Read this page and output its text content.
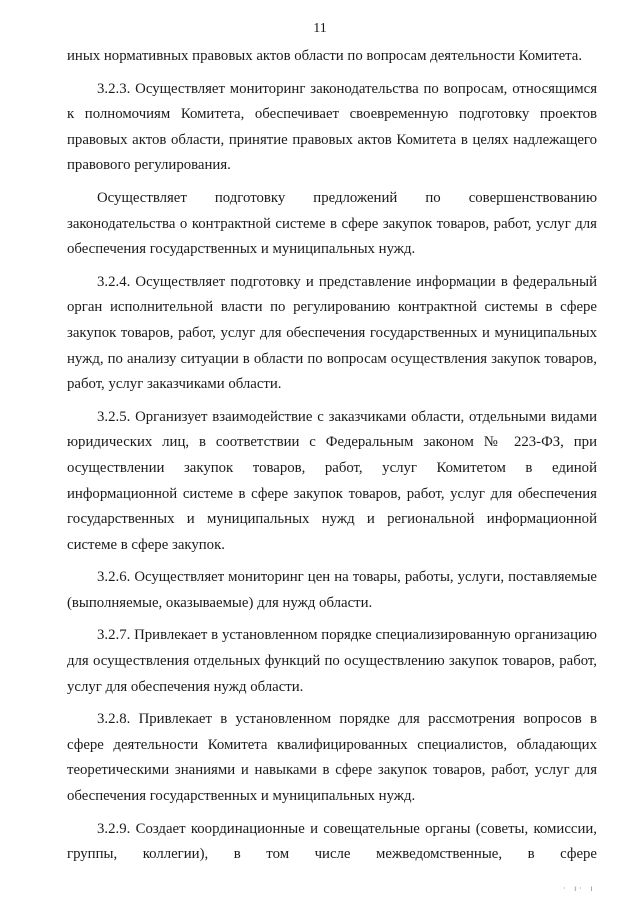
11

иных нормативных правовых актов области по вопросам деятельности Комитета.

3.2.3. Осуществляет мониторинг законодательства по вопросам, относящимся к полномочиям Комитета, обеспечивает своевременную подготовку проектов правовых актов области, принятие правовых актов Комитета в целях надлежащего правового регулирования.

Осуществляет подготовку предложений по совершенствованию законодательства о контрактной системе в сфере закупок товаров, работ, услуг для обеспечения государственных и муниципальных нужд.

3.2.4. Осуществляет подготовку и представление информации в федеральный орган исполнительной власти по регулированию контрактной системы в сфере закупок товаров, работ, услуг для обеспечения государственных и муниципальных нужд, по анализу ситуации в области по вопросам осуществления закупок товаров, работ, услуг заказчиками области.

3.2.5. Организует взаимодействие с заказчиками области, отдельными видами юридических лиц, в соответствии с Федеральным законом № 223-ФЗ, при осуществлении закупок товаров, работ, услуг Комитетом в единой информационной системе в сфере закупок товаров, работ, услуг для обеспечения государственных и муниципальных нужд и региональной информационной системе в сфере закупок.

3.2.6. Осуществляет мониторинг цен на товары, работы, услуги, поставляемые (выполняемые, оказываемые) для нужд области.

3.2.7. Привлекает в установленном порядке специализированную организацию для осуществления отдельных функций по осуществлению закупок товаров, работ, услуг для обеспечения нужд области.

3.2.8. Привлекает в установленном порядке для рассмотрения вопросов в сфере деятельности Комитета квалифицированных специалистов, обладающих теоретическими знаниями и навыками в сфере закупок товаров, работ, услуг для обеспечения государственных и муниципальных нужд.

3.2.9. Создает координационные и совещательные органы (советы, комиссии, группы, коллегии), в том числе межведомственные, в сфере

· ı· ı
